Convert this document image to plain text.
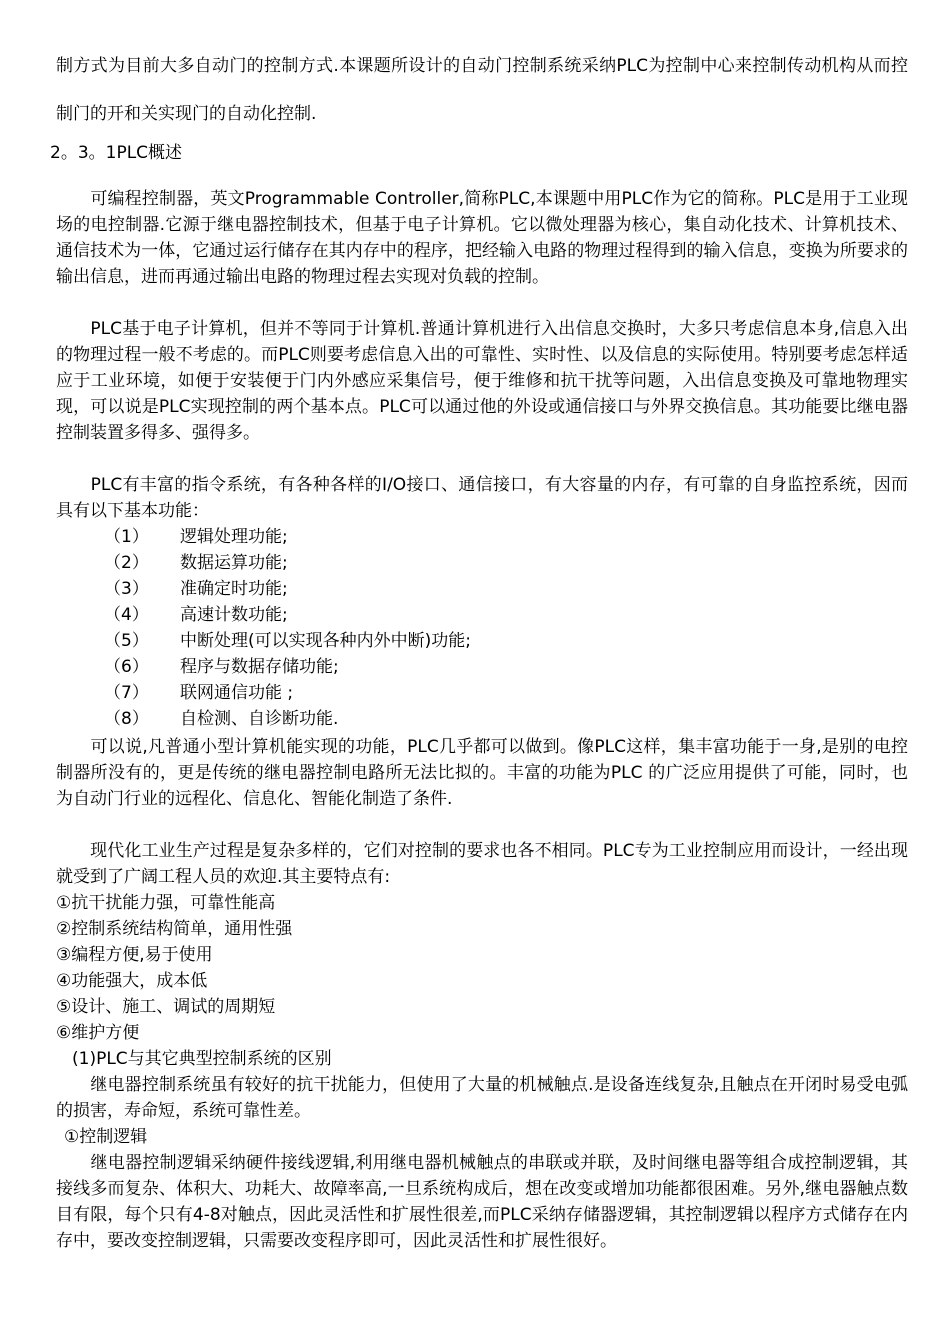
制方式为目前大多自动门的控制方式.本课题所设计的自动门控制系统采纳PLC为控制中心来控制传动机构从而控制门的开和关实现门的自动化控制.

2。3。1PLC概述

　　可编程控制器，英文Programmable Controller,简称PLC,本课题中用PLC作为它的简称。PLC是用于工业现场的电控制器.它源于继电器控制技术，但基于电子计算机。它以微处理器为核心，集自动化技术、计算机技术、通信技术为一体，它通过运行储存在其内存中的程序，把经输入电路的物理过程得到的输入信息，变换为所要求的输出信息，进而再通过输出电路的物理过程去实现对负载的控制。

　　PLC基于电子计算机，但并不等同于计算机.普通计算机进行入出信息交换时，大多只考虑信息本身,信息入出的物理过程一般不考虑的。而PLC则要考虑信息入出的可靠性、实时性、以及信息的实际使用。特别要考虑怎样适应于工业环境，如便于安装便于门内外感应采集信号，便于维修和抗干扰等问题，入出信息变换及可靠地物理实现，可以说是PLC实现控制的两个基本点。PLC可以通过他的外设或通信接口与外界交换信息。其功能要比继电器控制装置多得多、强得多。

　　PLC有丰富的指令系统，有各种各样的I/O接口、通信接口，有大容量的内存，有可靠的自身监控系统，因而具有以下基本功能：

（1） 逻辑处理功能;
（2） 数据运算功能;
（3） 准确定时功能;
（4） 高速计数功能;
（5） 中断处理(可以实现各种内外中断)功能;
（6） 程序与数据存储功能;
（7） 联网通信功能 ;
（8） 自检测、自诊断功能.

　　可以说,凡普通小型计算机能实现的功能，PLC几乎都可以做到。像PLC这样，集丰富功能于一身,是别的电控制器所没有的，更是传统的继电器控制电路所无法比拟的。丰富的功能为PLC 的广泛应用提供了可能，同时，也为自动门行业的远程化、信息化、智能化制造了条件.

　　现代化工业生产过程是复杂多样的，它们对控制的要求也各不相同。PLC专为工业控制应用而设计，一经出现就受到了广阔工程人员的欢迎.其主要特点有:

①抗干扰能力强，可靠性能高
②控制系统结构简单，通用性强
③编程方便,易于使用
④功能强大，成本低
⑤设计、施工、调试的周期短
⑥维护方便
(1)PLC与其它典型控制系统的区别

　　继电器控制系统虽有较好的抗干扰能力，但使用了大量的机械触点.是设备连线复杂,且触点在开闭时易受电弧的损害，寿命短，系统可靠性差。

①控制逻辑

　　继电器控制逻辑采纳硬件接线逻辑,利用继电器机械触点的串联或并联，及时间继电器等组合成控制逻辑，其接线多而复杂、体积大、功耗大、故障率高,一旦系统构成后，想在改变或增加功能都很困难。另外,继电器触点数目有限，每个只有4-8对触点，因此灵活性和扩展性很差,而PLC采纳存储器逻辑，其控制逻辑以程序方式储存在内存中，要改变控制逻辑，只需要改变程序即可，因此灵活性和扩展性很好。
